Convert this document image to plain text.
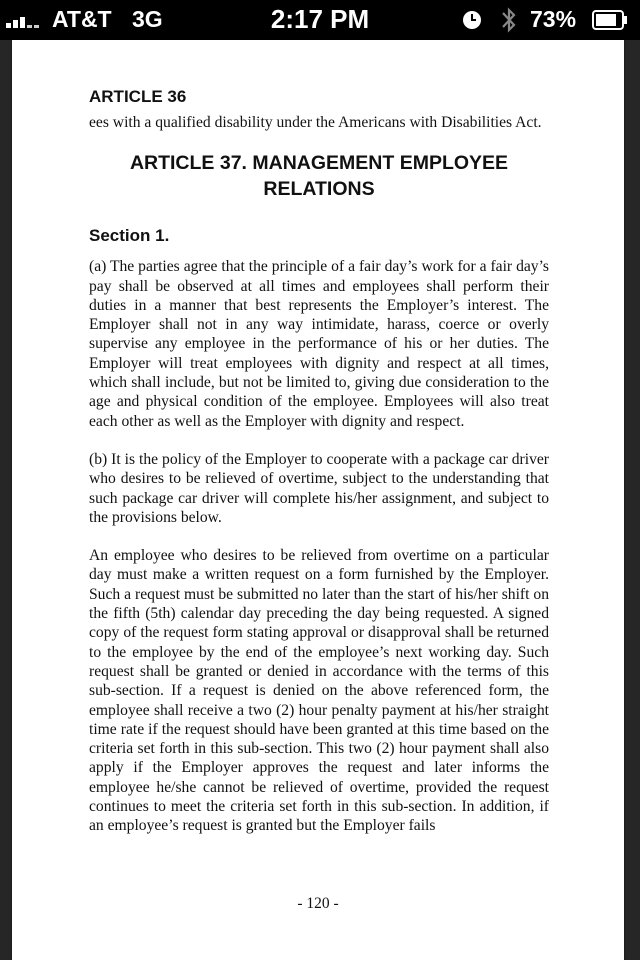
AT&T 3G	2:17 PM	73%
ARTICLE 36

ees with a qualified disability under the Americans with Disabilities Act.

ARTICLE 37. MANAGEMENT EMPLOYEE RELATIONS
Section 1.

(a) The parties agree that the principle of a fair day’s work for a fair day’s pay shall be observed at all times and employees shall perform their duties in a manner that best represents the Employer’s interest. The Employer shall not in any way intimidate, harass, coerce or overly supervise any employee in the performance of his or her duties. The Employer will treat employees with dignity and respect at all times, which shall include, but not be limited to, giving due consideration to the age and physical condition of the employee. Employees will also treat each other as well as the Employer with dignity and respect.

(b) It is the policy of the Employer to cooperate with a package car driver who desires to be relieved of overtime, subject to the understanding that such package car driver will complete his/her assignment, and subject to the provisions below.

An employee who desires to be relieved from overtime on a particular day must make a written request on a form furnished by the Employer. Such a request must be submitted no later than the start of his/her shift on the fifth (5th) calendar day preceding the day being requested. A signed copy of the request form stating approval or disapproval shall be returned to the employee by the end of the employee’s next working day. Such request shall be granted or denied in accordance with the terms of this sub-section. If a request is denied on the above referenced form, the employee shall receive a two (2) hour penalty payment at his/her straight time rate if the request should have been granted at this time based on the criteria set forth in this sub-section. This two (2) hour payment shall also apply if the Employer approves the request and later informs the employee he/she cannot be relieved of overtime, provided the request continues to meet the criteria set forth in this sub-section. In addition, if an employee’s request is granted but the Employer fails

- 120 -
